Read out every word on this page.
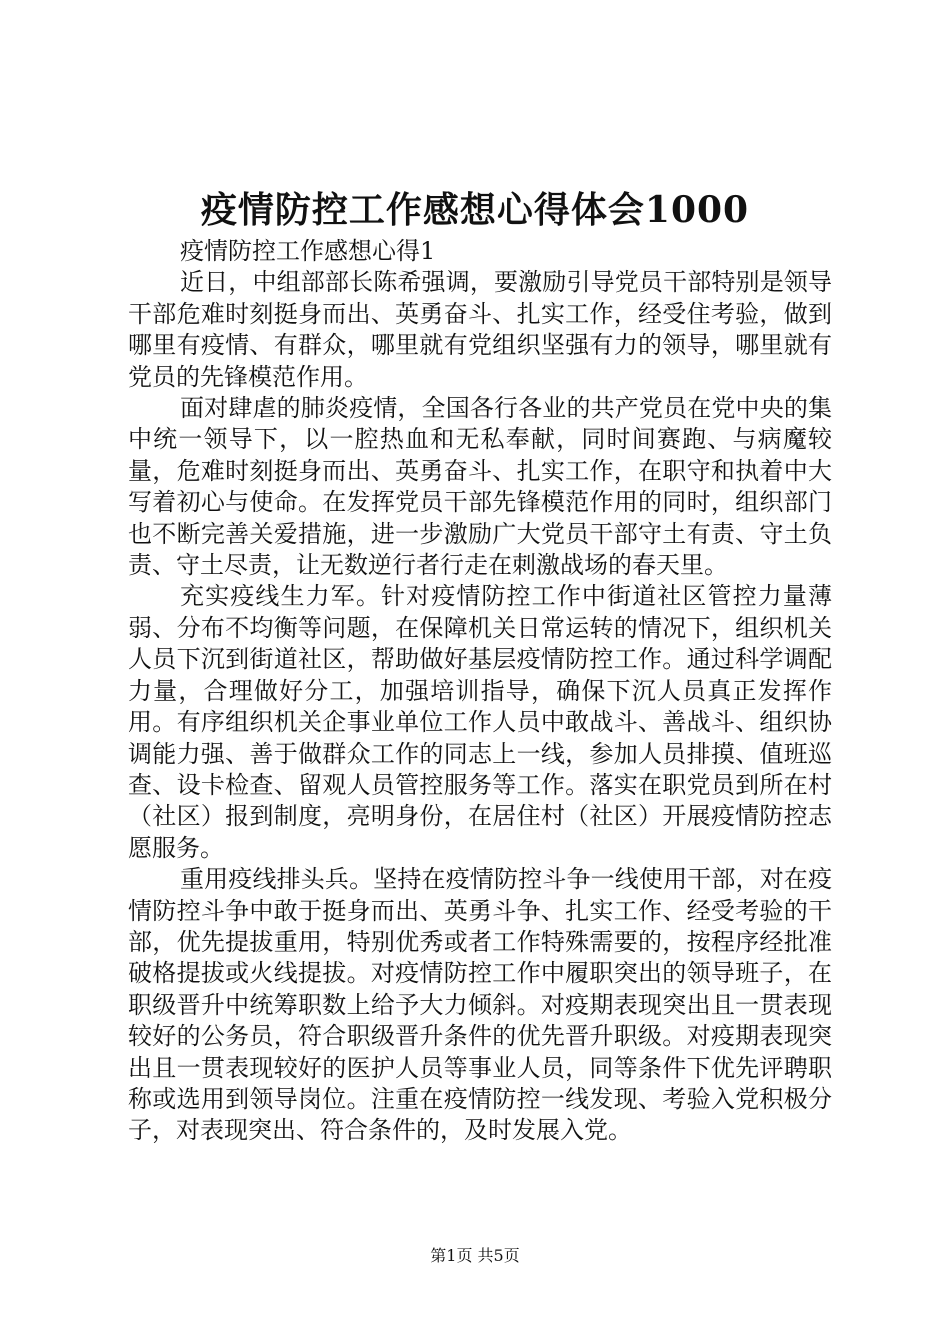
疫情防控工作感想心得体会1000

疫情防控工作感想心得1

近日，中组部部长陈希强调，要激励引导党员干部特别是领导干部危难时刻挺身而出、英勇奋斗、扎实工作，经受住考验，做到哪里有疫情、有群众，哪里就有党组织坚强有力的领导，哪里就有党员的先锋模范作用。

面对肆虐的肺炎疫情，全国各行各业的共产党员在党中央的集中统一领导下，以一腔热血和无私奉献，同时间赛跑、与病魔较量，危难时刻挺身而出、英勇奋斗、扎实工作，在职守和执着中大写着初心与使命。在发挥党员干部先锋模范作用的同时，组织部门也不断完善关爱措施，进一步激励广大党员干部守土有责、守土负责、守土尽责，让无数逆行者行走在刺激战场的春天里。

充实疫线生力军。针对疫情防控工作中街道社区管控力量薄弱、分布不均衡等问题，在保障机关日常运转的情况下，组织机关人员下沉到街道社区，帮助做好基层疫情防控工作。通过科学调配力量，合理做好分工，加强培训指导，确保下沉人员真正发挥作用。有序组织机关企事业单位工作人员中敢战斗、善战斗、组织协调能力强、善于做群众工作的同志上一线，参加人员排摸、值班巡查、设卡检查、留观人员管控服务等工作。落实在职党员到所在村（社区）报到制度，亮明身份，在居住村（社区）开展疫情防控志愿服务。

重用疫线排头兵。坚持在疫情防控斗争一线使用干部，对在疫情防控斗争中敢于挺身而出、英勇斗争、扎实工作、经受考验的干部，优先提拔重用，特别优秀或者工作特殊需要的，按程序经批准破格提拔或火线提拔。对疫情防控工作中履职突出的领导班子，在职级晋升中统筹职数上给予大力倾斜。对疫期表现突出且一贯表现较好的公务员，符合职级晋升条件的优先晋升职级。对疫期表现突出且一贯表现较好的医护人员等事业人员，同等条件下优先评聘职称或选用到领导岗位。注重在疫情防控一线发现、考验入党积极分子，对表现突出、符合条件的，及时发展入党。

第1页 共5页
